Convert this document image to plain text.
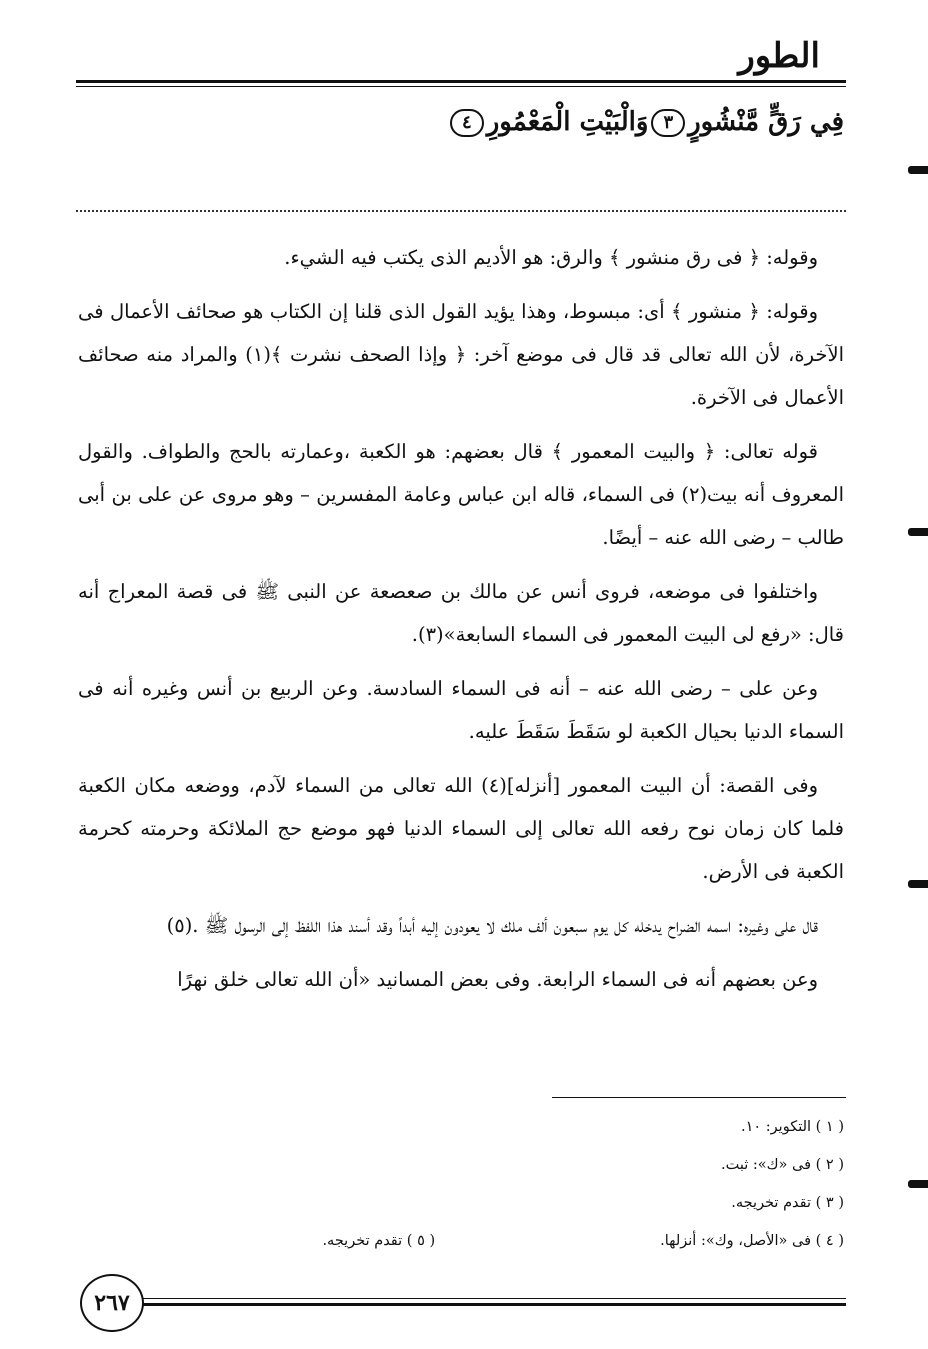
الطور
فِي رَقٍّ مَّنْشُورٍ٣وَالْبَيْتِ الْمَعْمُورِ٤

وقوله: ﴿ فى رق منشور ﴾ والرق: هو الأديم الذى يكتب فيه الشيء.

وقوله: ﴿ منشور ﴾ أى: مبسوط، وهذا يؤيد القول الذى قلنا إن الكتاب هو صحائف الأعمال فى الآخرة، لأن الله تعالى قد قال فى موضع آخر: ﴿ وإذا الصحف نشرت ﴾(١) والمراد منه صحائف الأعمال فى الآخرة.

قوله تعالى: ﴿ والبيت المعمور ﴾ قال بعضهم: هو الكعبة ،وعمارته بالحج والطواف. والقول المعروف أنه بيت(٢) فى السماء، قاله ابن عباس وعامة المفسرين – وهو مروى عن على بن أبى طالب – رضى الله عنه – أيضًا.

واختلفوا فى موضعه، فروى أنس عن مالك بن صعصعة عن النبى ﷺ فى قصة المعراج أنه قال: «رفع لى البيت المعمور فى السماء السابعة»(٣).

وعن على – رضى الله عنه – أنه فى السماء السادسة. وعن الربيع بن أنس وغيره أنه فى السماء الدنيا بحيال الكعبة لو سَقَطَ سَقَطَ عليه.

وفى القصة: أن البيت المعمور [أنزله](٤) الله تعالى من السماء لآدم، ووضعه مكان الكعبة فلما كان زمان نوح رفعه الله تعالى إلى السماء الدنيا فهو موضع حج الملائكة وحرمته كحرمة الكعبة فى الأرض.

قال على وغيره: اسمه الضراح يدخله كل يوم سبعون ألف ملك لا يعودون إليه أبداً وقد أسند هذا اللفظ إلى الرسول ﷺ .(٥)

وعن بعضهم أنه فى السماء الرابعة. وفى بعض المسانيد «أن الله تعالى خلق نهرًا

( ١ ) التكوير: ١٠.
( ٢ ) فى «ك»: ثبت.
( ٣ ) تقدم تخريجه.
( ٤ ) فى «الأصل، وك»: أنزلها.
( ٥ ) تقدم تخريجه.
٢٦٧
